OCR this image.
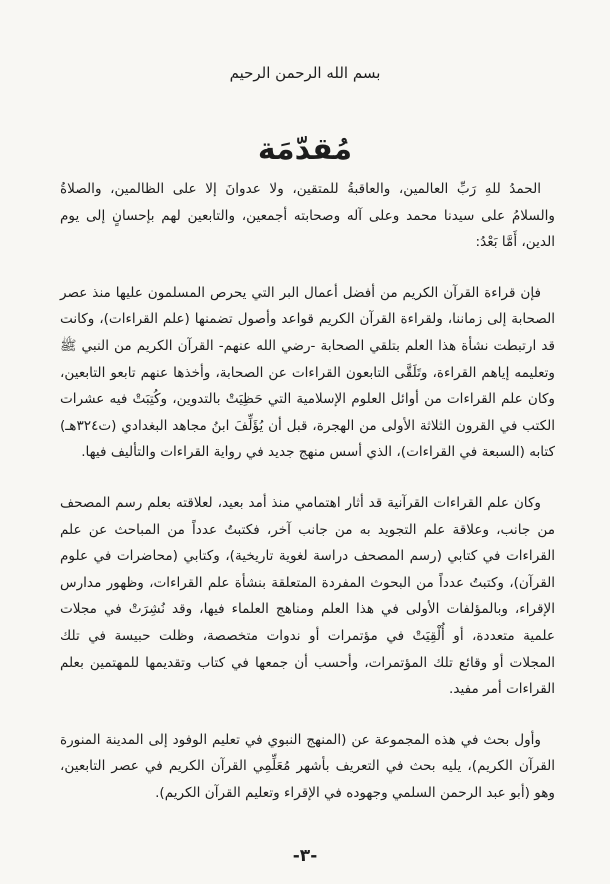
بسم الله الرحمن الرحيم
مُقدّمَة

الحمدُ للهِ رَبِّ العالمين، والعاقبةُ للمتقين، ولا عدوانَ إلا على الظالمين، والصلاةُ والسلامُ على سيدنا محمد وعلى آله وصحابته أجمعين، والتابعين لهم بإحسانٍ إلى يوم الدين، أَمَّا بَعْدُ:

فإن قراءة القرآن الكريم من أفضل أعمال البر التي يحرص المسلمون عليها منذ عصر الصحابة إلى زماننا، ولقراءة القرآن الكريم قواعد وأصول تضمنها (علم القراءات)، وكانت قد ارتبطت نشأة هذا العلم بتلقي الصحابة -رضي الله عنهم- القرآن الكريم من النبي ﷺ وتعليمه إياهم القراءة، وتَلَقَّى التابعون القراءات عن الصحابة، وأخذها عنهم تابعو التابعين، وكان علم القراءات من أوائل العلوم الإسلامية التي حَظِيَتْ بالتدوين، وكُتِبَتْ فيه عشرات الكتب في القرون الثلاثة الأولى من الهجرة، قبل أن يُؤَلِّفَ ابنُ مجاهد البغدادي (ت٣٢٤هـ) كتابه (السبعة في القراءات)، الذي أسس منهج جديد في رواية القراءات والتأليف فيها.

وكان علم القراءات القرآنية قد أثار اهتمامي منذ أمد بعيد، لعلاقته بعلم رسم المصحف من جانب، وعلاقة علم التجويد به من جانب آخر، فكتبتُ عدداً من المباحث عن علم القراءات في كتابي (رسم المصحف دراسة لغوية تاريخية)، وكتابي (محاضرات في علوم القرآن)، وكتبتُ عدداً من البحوث المفردة المتعلقة بنشأة علم القراءات، وظهور مدارس الإقراء، وبالمؤلفات الأولى في هذا العلم ومناهج العلماء فيها، وقد نُشِرَتْ في مجلات علمية متعددة، أو أُلْقِيَتْ في مؤتمرات أو ندوات متخصصة، وظلت حبيسة في تلك المجلات أو وقائع تلك المؤتمرات، وأحسب أن جمعها في كتاب وتقديمها للمهتمين بعلم القراءات أمر مفيد.

وأول بحث في هذه المجموعة عن (المنهج النبوي في تعليم الوفود إلى المدينة المنورة القرآن الكريم)، يليه بحث في التعريف بأشهر مُعَلِّمِي القرآن الكريم في عصر التابعين، وهو (أبو عبد الرحمن السلمي وجهوده في الإقراء وتعليم القرآن الكريم).

-٣-
